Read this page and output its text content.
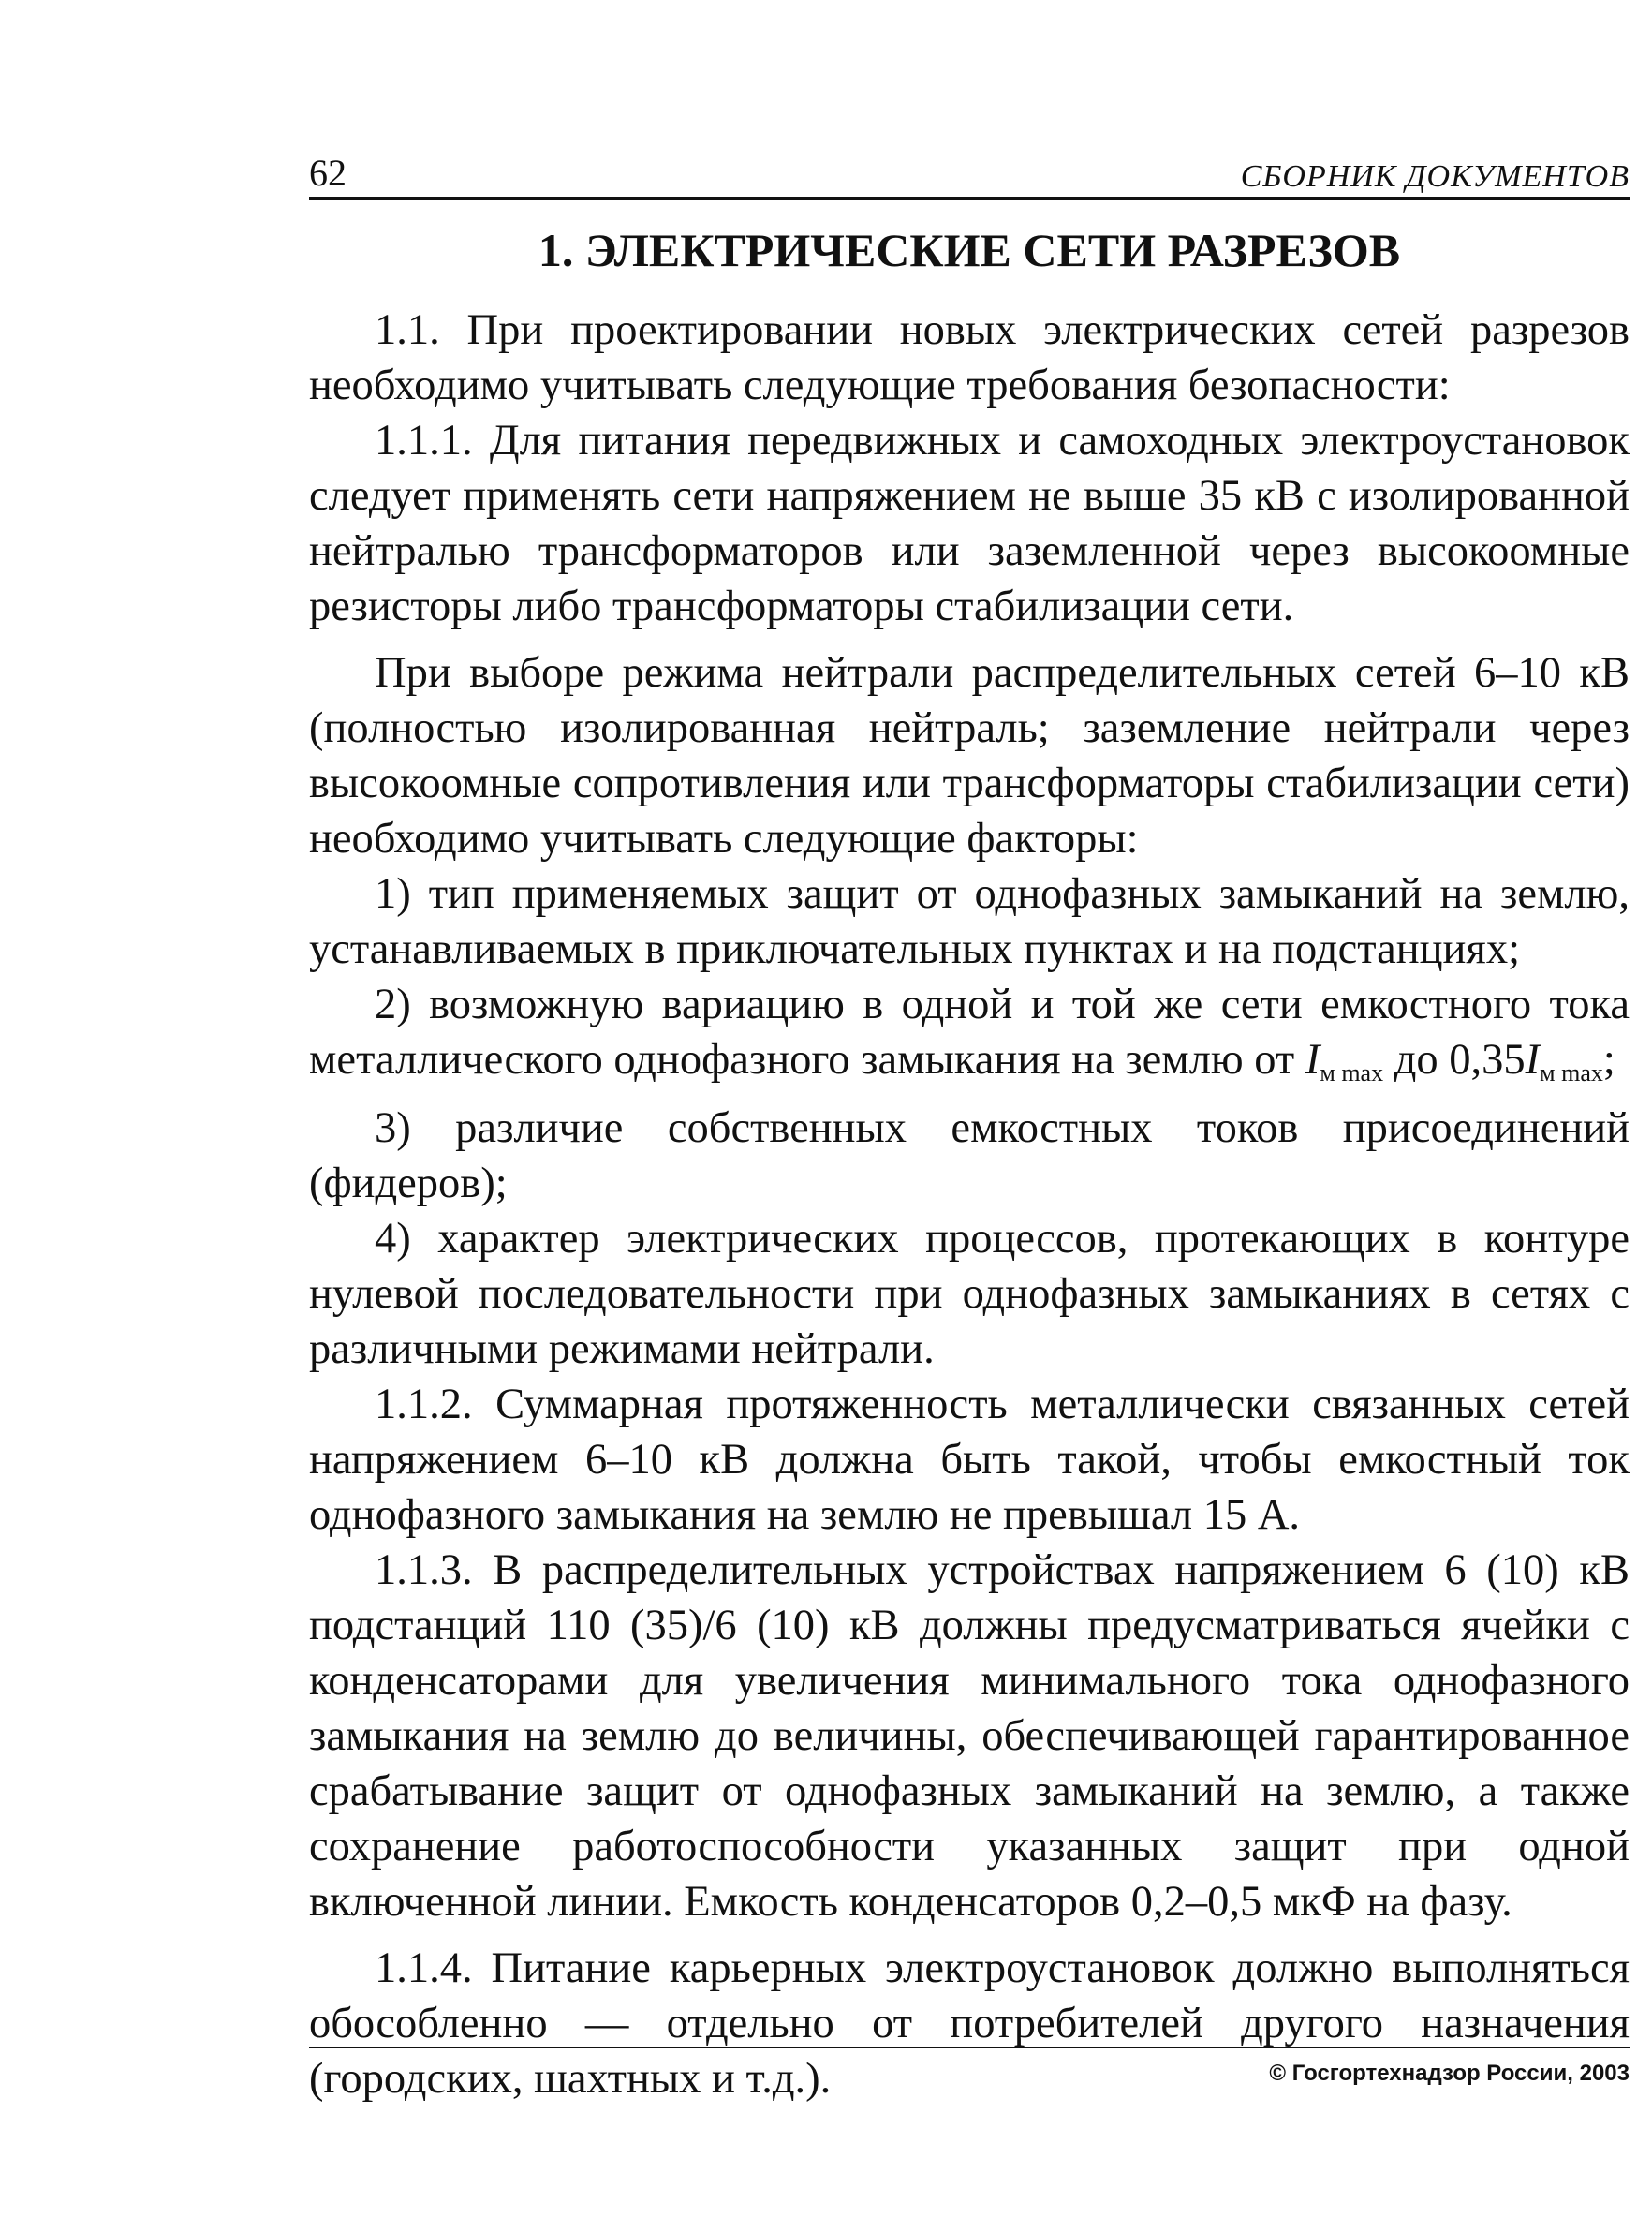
62	СБОРНИК ДОКУМЕНТОВ
1. ЭЛЕКТРИЧЕСКИЕ СЕТИ РАЗРЕЗОВ

1.1. При проектировании новых электрических сетей разрезов необходимо учитывать следующие требования безопасности:

1.1.1. Для питания передвижных и самоходных электроустановок следует применять сети напряжением не выше 35 кВ с изолированной нейтралью трансформаторов или заземленной через высокоомные резисторы либо трансформаторы стабилизации сети.

При выборе режима нейтрали распределительных сетей 6–10 кВ (полностью изолированная нейтраль; заземление нейтрали через высокоомные сопротивления или трансформаторы стабилизации сети) необходимо учитывать следующие факторы:

1) тип применяемых защит от однофазных замыканий на землю, устанавливаемых в приключательных пунктах и на подстанциях;

2) возможную вариацию в одной и той же сети емкостного тока металлического однофазного замыкания на землю от $I_{м max}$ до $0,35I_{м max}$;

3) различие собственных емкостных токов присоединений (фидеров);

4) характер электрических процессов, протекающих в контуре нулевой последовательности при однофазных замыканиях в сетях с различными режимами нейтрали.

1.1.2. Суммарная протяженность металлически связанных сетей напряжением 6–10 кВ должна быть такой, чтобы емкостный ток однофазного замыкания на землю не превышал 15 А.

1.1.3. В распределительных устройствах напряжением 6 (10) кВ подстанций 110 (35)/6 (10) кВ должны предусматриваться ячейки с конденсаторами для увеличения минимального тока однофазного замыкания на землю до величины, обеспечивающей гарантированное срабатывание защит от однофазных замыканий на землю, а также сохранение работоспособности указанных защит при одной включенной линии. Емкость конденсаторов 0,2–0,5 мкФ на фазу.

1.1.4. Питание карьерных электроустановок должно выполняться обособленно — отдельно от потребителей другого назначения (городских, шахтных и т.д.).	© Госгортехнадзор России, 2003
